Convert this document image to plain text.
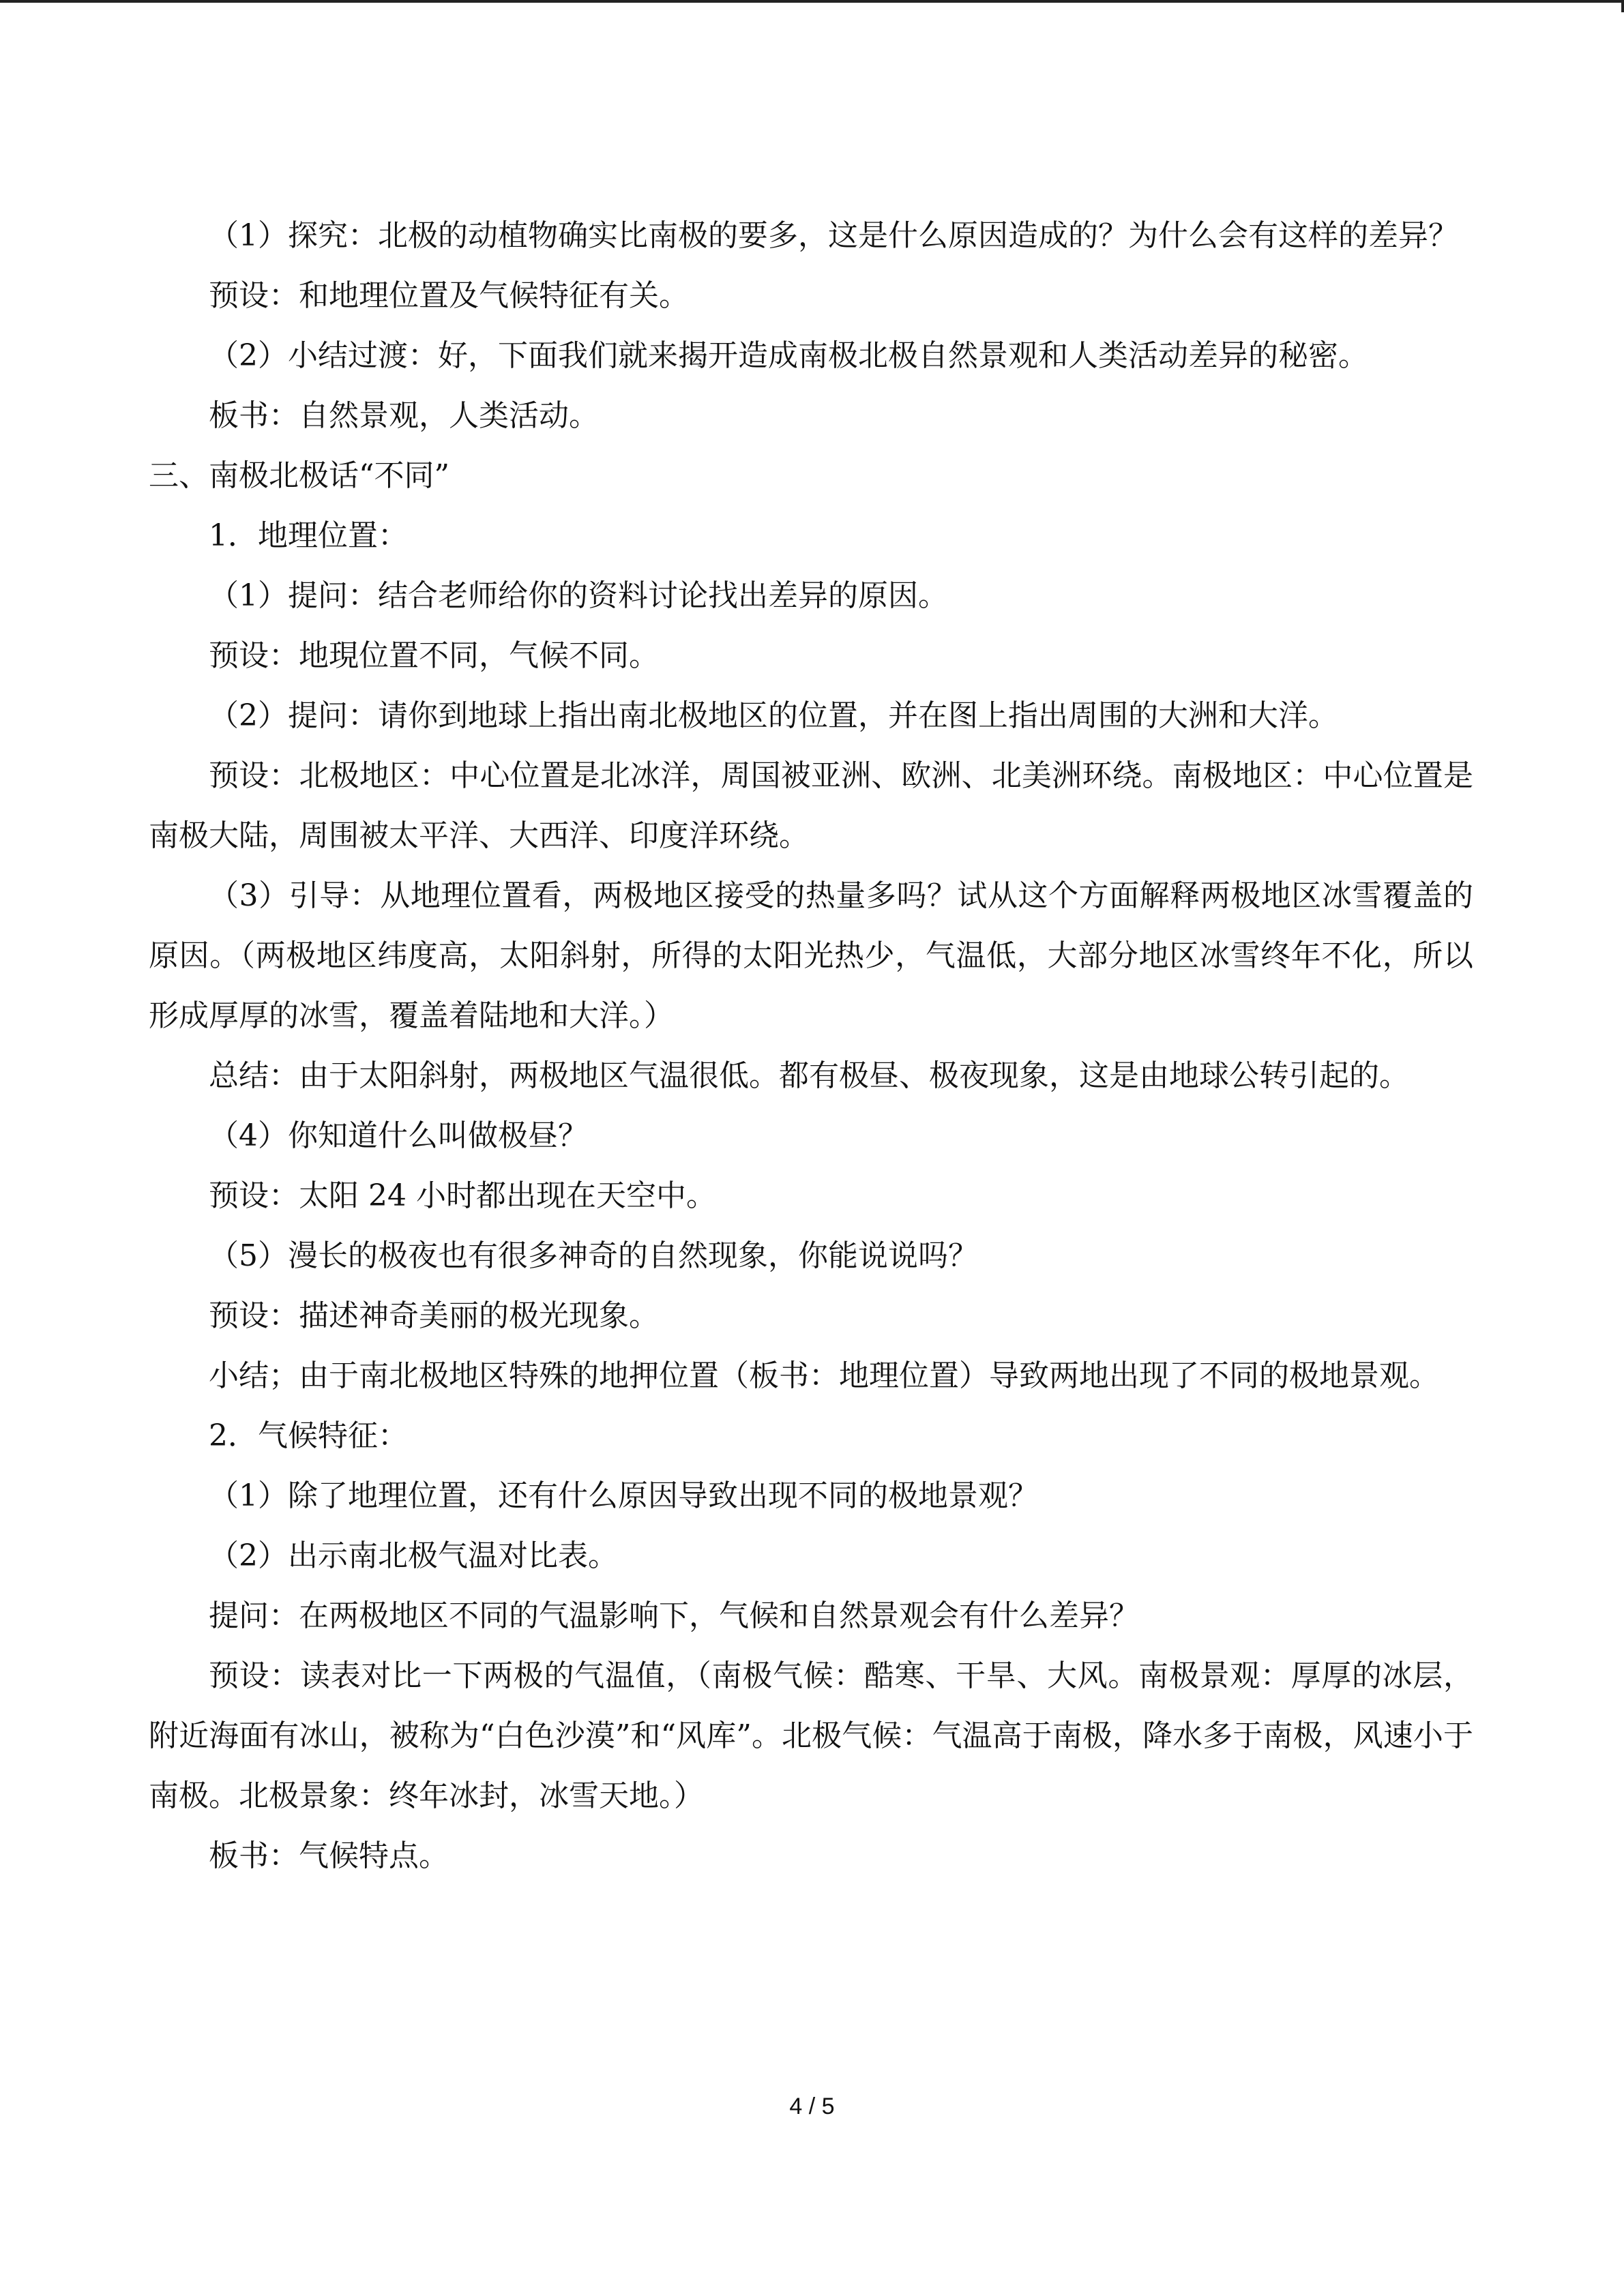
（1）探究：北极的动植物确实比南极的要多，这是什么原因造成的？为什么会有这样的差异？

预设：和地理位置及气候特征有关。

（2）小结过渡：好，下面我们就来揭开造成南极北极自然景观和人类活动差异的秘密。

板书：自然景观，人类活动。

三、南极北极话“不同”

1．地理位置：

（1）提问：结合老师给你的资料讨论找出差异的原因。

预设：地現位置不同，气候不同。

（2）提问：请你到地球上指出南北极地区的位置，并在图上指出周围的大洲和大洋。

预设：北极地区：中心位置是北冰洋，周国被亚洲、欧洲、北美洲环绕。南极地区：中心位置是南极大陆，周围被太平洋、大西洋、印度洋环绕。

（3）引导：从地理位置看，两极地区接受的热量多吗？试从这个方面解释两极地区冰雪覆盖的原因。（两极地区纬度高，太阳斜射，所得的太阳光热少，气温低，大部分地区冰雪终年不化，所以形成厚厚的冰雪，覆盖着陆地和大洋。）

总结：由于太阳斜射，两极地区气温很低。都有极昼、极夜现象，这是由地球公转引起的。

（4）你知道什么叫做极昼？

预设：太阳 24 小时都出现在天空中。

（5）漫长的极夜也有很多神奇的自然现象，你能说说吗？

预设：描述神奇美丽的极光现象。

小结；由于南北极地区特殊的地押位置（板书：地理位置）导致两地出现了不同的极地景观。

2．气候特征：

（1）除了地理位置，还有什么原因导致出现不同的极地景观？

（2）出示南北极气温对比表。

提问：在两极地区不同的气温影响下，气候和自然景观会有什么差异？

预设：读表对比一下两极的气温值，（南极气候：酷寒、干旱、大风。南极景观：厚厚的冰层，附近海面有冰山，被称为“白色沙漠”和“风库”。北极气候：气温高于南极，降水多于南极，风速小于南极。北极景象：终年冰封，冰雪天地。）

板书：气候特点。

4 / 5
